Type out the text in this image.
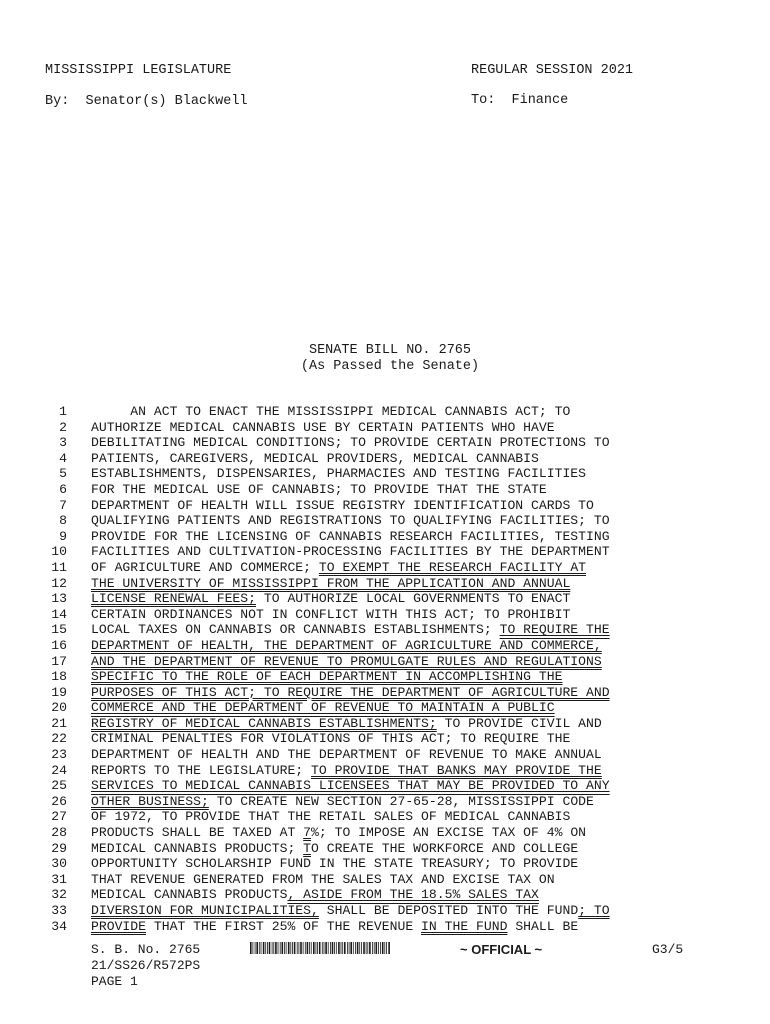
MISSISSIPPI LEGISLATURE	REGULAR SESSION 2021
By:  Senator(s) Blackwell	To:  Finance
SENATE BILL NO. 2765
(As Passed the Senate)
1 AN ACT TO ENACT THE MISSISSIPPI MEDICAL CANNABIS ACT; TO
2 AUTHORIZE MEDICAL CANNABIS USE BY CERTAIN PATIENTS WHO HAVE
3 DEBILITATING MEDICAL CONDITIONS; TO PROVIDE CERTAIN PROTECTIONS TO
4 PATIENTS, CAREGIVERS, MEDICAL PROVIDERS, MEDICAL CANNABIS
5 ESTABLISHMENTS, DISPENSARIES, PHARMACIES AND TESTING FACILITIES
6 FOR THE MEDICAL USE OF CANNABIS; TO PROVIDE THAT THE STATE
7 DEPARTMENT OF HEALTH WILL ISSUE REGISTRY IDENTIFICATION CARDS TO
8 QUALIFYING PATIENTS AND REGISTRATIONS TO QUALIFYING FACILITIES; TO
9 PROVIDE FOR THE LICENSING OF CANNABIS RESEARCH FACILITIES, TESTING
10 FACILITIES AND CULTIVATION-PROCESSING FACILITIES BY THE DEPARTMENT
11 OF AGRICULTURE AND COMMERCE; TO EXEMPT THE RESEARCH FACILITY AT
12 THE UNIVERSITY OF MISSISSIPPI FROM THE APPLICATION AND ANNUAL
13 LICENSE RENEWAL FEES; TO AUTHORIZE LOCAL GOVERNMENTS TO ENACT
14 CERTAIN ORDINANCES NOT IN CONFLICT WITH THIS ACT; TO PROHIBIT
15 LOCAL TAXES ON CANNABIS OR CANNABIS ESTABLISHMENTS; TO REQUIRE THE
16 DEPARTMENT OF HEALTH, THE DEPARTMENT OF AGRICULTURE AND COMMERCE,
17 AND THE DEPARTMENT OF REVENUE TO PROMULGATE RULES AND REGULATIONS
18 SPECIFIC TO THE ROLE OF EACH DEPARTMENT IN ACCOMPLISHING THE
19 PURPOSES OF THIS ACT; TO REQUIRE THE DEPARTMENT OF AGRICULTURE AND
20 COMMERCE AND THE DEPARTMENT OF REVENUE TO MAINTAIN A PUBLIC
21 REGISTRY OF MEDICAL CANNABIS ESTABLISHMENTS; TO PROVIDE CIVIL AND
22 CRIMINAL PENALTIES FOR VIOLATIONS OF THIS ACT; TO REQUIRE THE
23 DEPARTMENT OF HEALTH AND THE DEPARTMENT OF REVENUE TO MAKE ANNUAL
24 REPORTS TO THE LEGISLATURE; TO PROVIDE THAT BANKS MAY PROVIDE THE
25 SERVICES TO MEDICAL CANNABIS LICENSEES THAT MAY BE PROVIDED TO ANY
26 OTHER BUSINESS; TO CREATE NEW SECTION 27-65-28, MISSISSIPPI CODE
27 OF 1972, TO PROVIDE THAT THE RETAIL SALES OF MEDICAL CANNABIS
28 PRODUCTS SHALL BE TAXED AT 7%; TO IMPOSE AN EXCISE TAX OF 4% ON
29 MEDICAL CANNABIS PRODUCTS; TO CREATE THE WORKFORCE AND COLLEGE
30 OPPORTUNITY SCHOLARSHIP FUND IN THE STATE TREASURY; TO PROVIDE
31 THAT REVENUE GENERATED FROM THE SALES TAX AND EXCISE TAX ON
32 MEDICAL CANNABIS PRODUCTS, ASIDE FROM THE 18.5% SALES TAX
33 DIVERSION FOR MUNICIPALITIES, SHALL BE DEPOSITED INTO THE FUND; TO
34 PROVIDE THAT THE FIRST 25% OF THE REVENUE IN THE FUND SHALL BE
S. B. No. 2765	~ OFFICIAL ~	G3/5
21/SS26/R572PS
PAGE 1
